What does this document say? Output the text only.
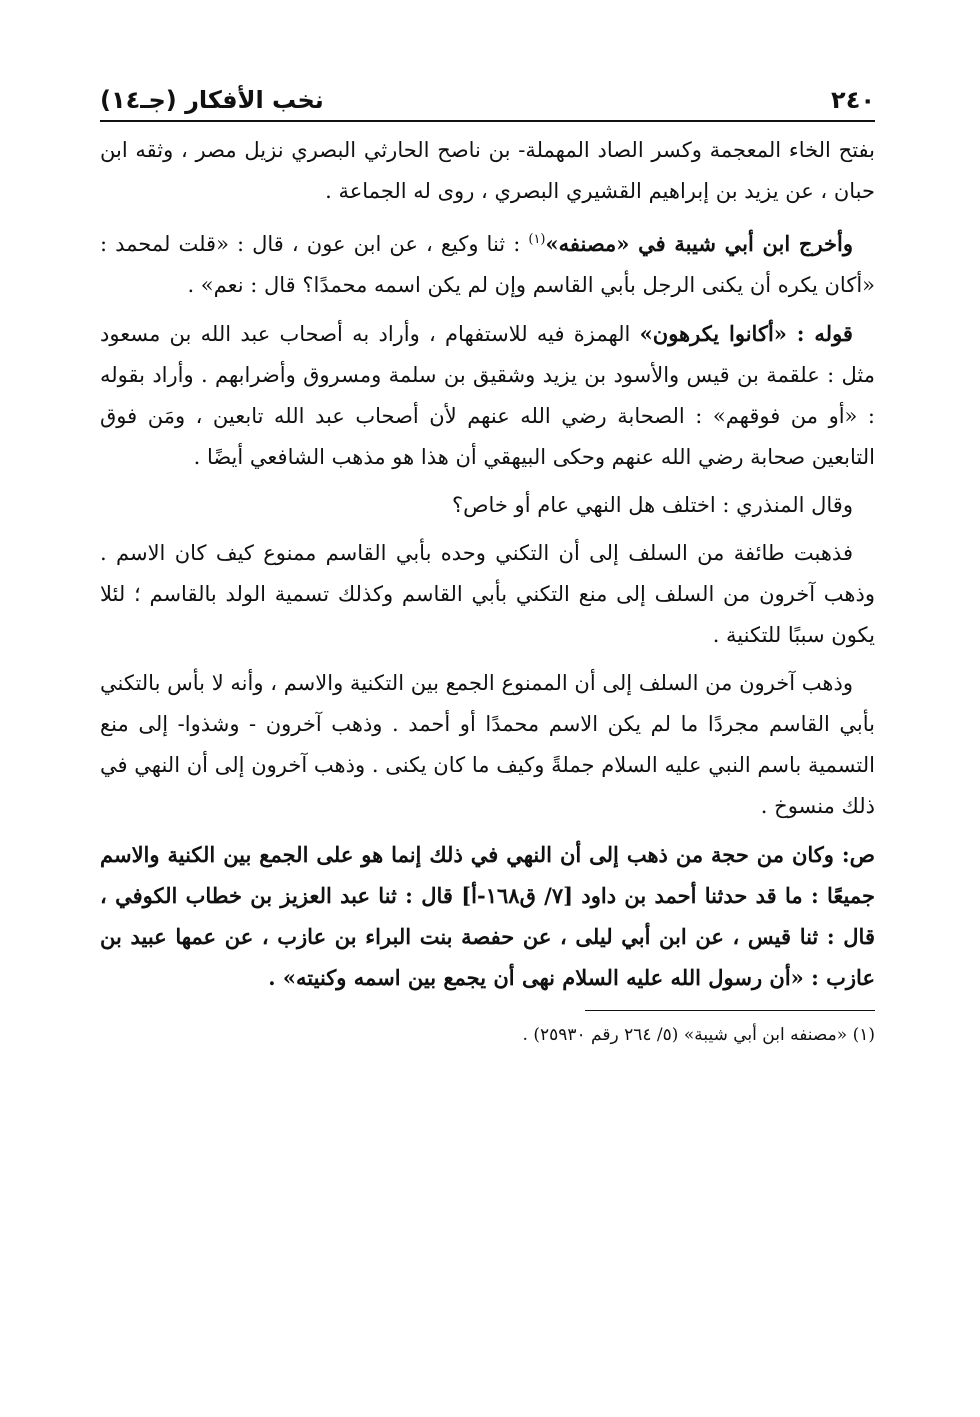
٢٤٠
نخب الأفكار (جـ١٤)

بفتح الخاء المعجمة وكسر الصاد المهملة- بن ناصح الحارثي البصري نزيل مصر ، وثقه ابن حبان ، عن يزيد بن إبراهيم القشيري البصري ، روى له الجماعة .

وأخرج ابن أبي شيبة في «مصنفه»$^{(١)}$ : ثنا وكيع ، عن ابن عون ، قال : «قلت لمحمد : «أكان يكره أن يكنى الرجل بأبي القاسم وإن لم يكن اسمه محمدًا؟ قال : نعم» .

قوله : «أكانوا يكرهون» الهمزة فيه للاستفهام ، وأراد به أصحاب عبد الله بن مسعود مثل : علقمة بن قيس والأسود بن يزيد وشقيق بن سلمة ومسروق وأضرابهم . وأراد بقوله : «أو من فوقهم» : الصحابة رضي الله عنهم لأن أصحاب عبد الله تابعين ، ومَن فوق التابعين صحابة رضي الله عنهم وحكى البيهقي أن هذا هو مذهب الشافعي أيضًا .

وقال المنذري : اختلف هل النهي عام أو خاص؟

فذهبت طائفة من السلف إلى أن التكني وحده بأبي القاسم ممنوع كيف كان الاسم . وذهب آخرون من السلف إلى منع التكني بأبي القاسم وكذلك تسمية الولد بالقاسم ؛ لئلا يكون سببًا للتكنية .

وذهب آخرون من السلف إلى أن الممنوع الجمع بين التكنية والاسم ، وأنه لا بأس بالتكني بأبي القاسم مجردًا ما لم يكن الاسم محمدًا أو أحمد . وذهب آخرون - وشذوا- إلى منع التسمية باسم النبي عليه السلام جملةً وكيف ما كان يكنى . وذهب آخرون إلى أن النهي في ذلك منسوخ .

ص: وكان من حجة من ذهب إلى أن النهي في ذلك إنما هو على الجمع بين الكنية والاسم جميعًا : ما قد حدثنا أحمد بن داود [٧/ ق١٦٨-أ] قال : ثنا عبد العزيز بن خطاب الكوفي ، قال : ثنا قيس ، عن ابن أبي ليلى ، عن حفصة بنت البراء بن عازب ، عن عمها عبيد بن عازب : «أن رسول الله عليه السلام نهى أن يجمع بين اسمه وكنيته» .

(١) «مصنفه ابن أبي شيبة» (٥/ ٢٦٤ رقم ٢٥٩٣٠) .
